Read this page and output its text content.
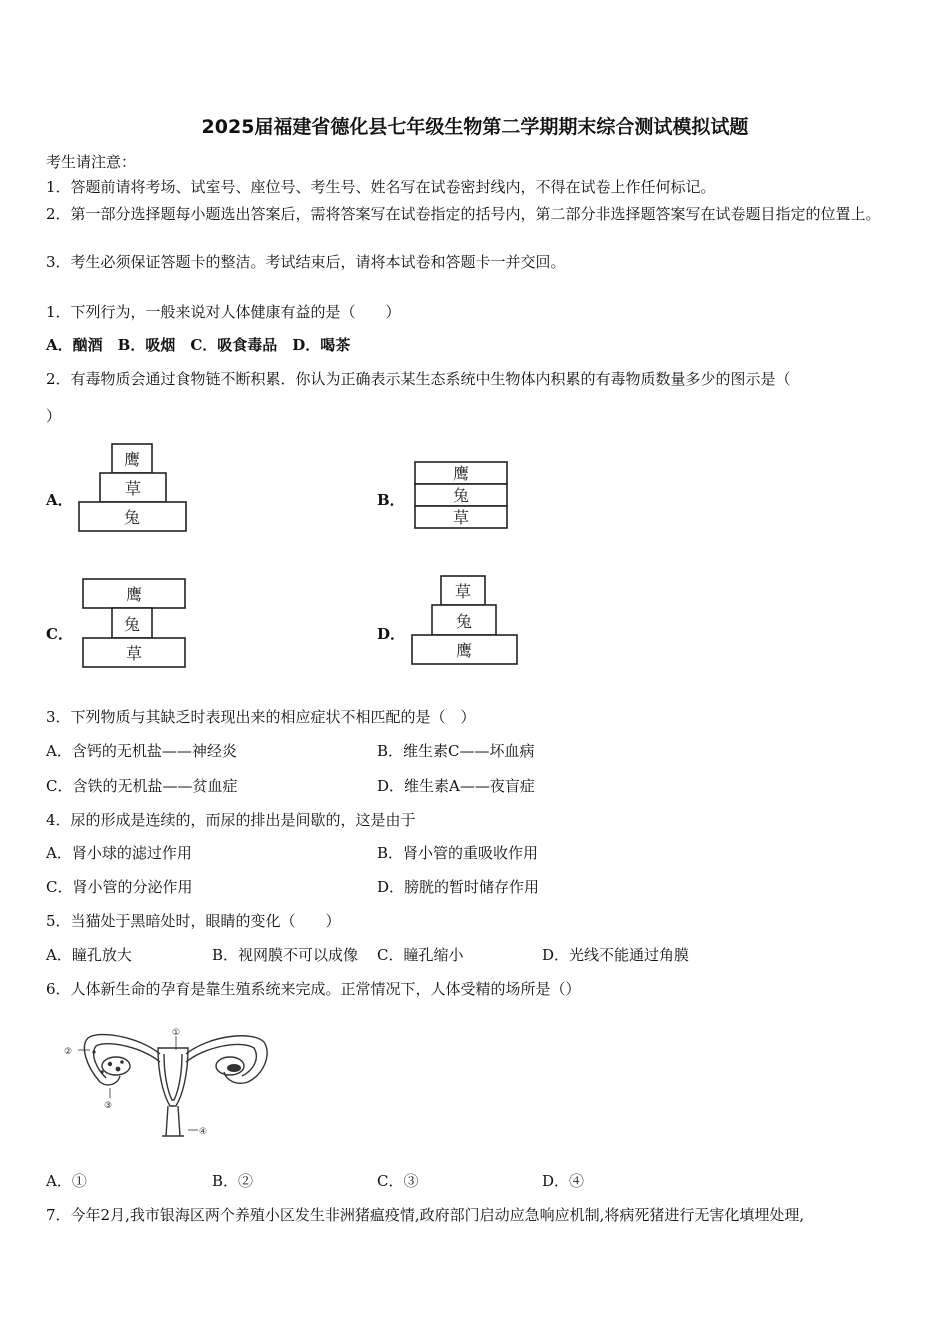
2025届福建省德化县七年级生物第二学期期末综合测试模拟试题
考生请注意：
1．答题前请将考场、试室号、座位号、考生号、姓名写在试卷密封线内，不得在试卷上作任何标记。
2．第一部分选择题每小题选出答案后，需将答案写在试卷指定的括号内，第二部分非选择题答案写在试卷题目指定的位置上。
3．考生必须保证答题卡的整洁。考试结束后，请将本试卷和答题卡一并交回。
1．下列行为，一般来说对人体健康有益的是（　　）
A．酗酒　B．吸烟　C．吸食毒品　D．喝茶
2．有毒物质会通过食物链不断积累．你认为正确表示某生态系统中生物体内积累的有毒物质数量多少的图示是（
）
A．
鹰
草
兔
B．
鹰
兔
草
C．
鹰
兔
草
D．
草
兔
鹰
3．下列物质与其缺乏时表现出来的相应症状不相匹配的是（　）
A．含钙的无机盐——神经炎	B．维生素C——坏血病
C．含铁的无机盐——贫血症	D．维生素A——夜盲症
4．尿的形成是连续的，而尿的排出是间歇的，这是由于
A．肾小球的滤过作用	B．肾小管的重吸收作用
C．肾小管的分泌作用	D．膀胱的暂时储存作用
5．当猫处于黑暗处时，眼睛的变化（　　）
A．瞳孔放大	B．视网膜不可以成像 C．瞳孔缩小	D．光线不能通过角膜
6．人体新生命的孕育是靠生殖系统来完成。正常情况下，人体受精的场所是（）
①
②
③
④
A．①	B．②	C．③	D．④
7．今年2月,我市银海区两个养殖小区发生非洲猪瘟疫情,政府部门启动应急响应机制,将病死猪进行无害化填埋处理,
